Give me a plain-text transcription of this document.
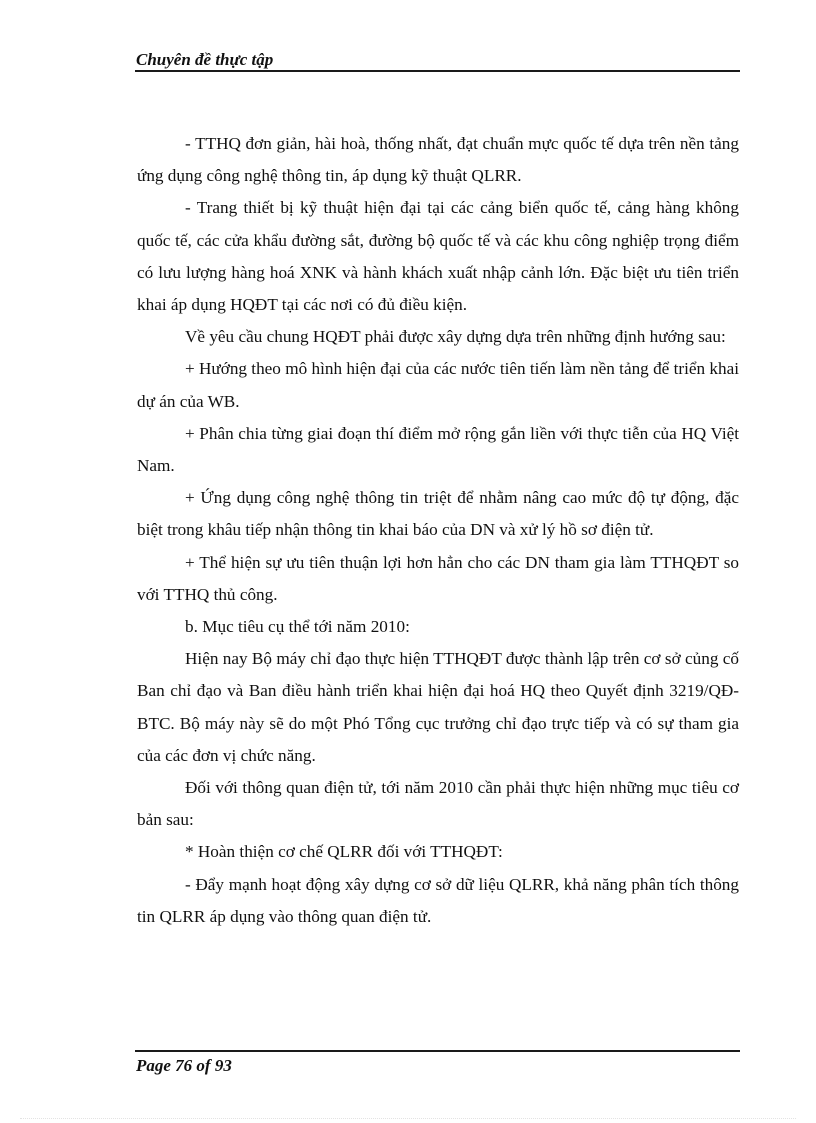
Chuyên đề thực tập

- TTHQ đơn giản, hài hoà, thống nhất, đạt chuẩn mực quốc tế dựa trên nền tảng ứng dụng công nghệ thông tin, áp dụng kỹ thuật QLRR.

- Trang thiết bị kỹ thuật hiện đại tại các cảng biển quốc tế, cảng hàng không quốc tế, các cửa khẩu đường sắt, đường bộ quốc tế và các khu công nghiệp trọng điểm có lưu lượng hàng hoá XNK và hành khách xuất nhập cảnh lớn. Đặc biệt ưu tiên triển khai áp dụng HQĐT tại các nơi có đủ điều kiện.

Về yêu cầu chung HQĐT phải được xây dựng dựa trên những định hướng sau:

+ Hướng theo mô hình hiện đại của các nước tiên tiến làm nền tảng để triển khai dự án của WB.

+ Phân chia từng giai đoạn thí điểm mở rộng gắn liền với thực tiễn của HQ Việt Nam.

+ Ứng dụng công nghệ thông tin triệt để nhằm nâng cao mức độ tự động, đặc biệt trong khâu tiếp nhận thông tin khai báo của DN và xử lý hồ sơ điện tử.

+ Thể hiện sự ưu tiên thuận lợi hơn hẳn cho các DN tham gia làm TTHQĐT so với TTHQ thủ công.

b. Mục tiêu cụ thể tới năm 2010:

Hiện nay Bộ máy chỉ đạo thực hiện TTHQĐT được thành lập trên cơ sở củng cố Ban chỉ đạo và Ban điều hành triển khai hiện đại hoá HQ theo Quyết định 3219/QĐ-BTC. Bộ máy này sẽ do một Phó Tổng cục trưởng chỉ đạo trực tiếp và có sự tham gia của các đơn vị chức năng.

Đối với thông quan điện tử, tới năm 2010 cần phải thực hiện những mục tiêu cơ bản sau:

* Hoàn thiện cơ chế QLRR đối với TTHQĐT:

- Đẩy mạnh hoạt động xây dựng cơ sở dữ liệu QLRR, khả năng phân tích thông tin QLRR áp dụng vào thông quan điện tử.

Page 76 of 93
